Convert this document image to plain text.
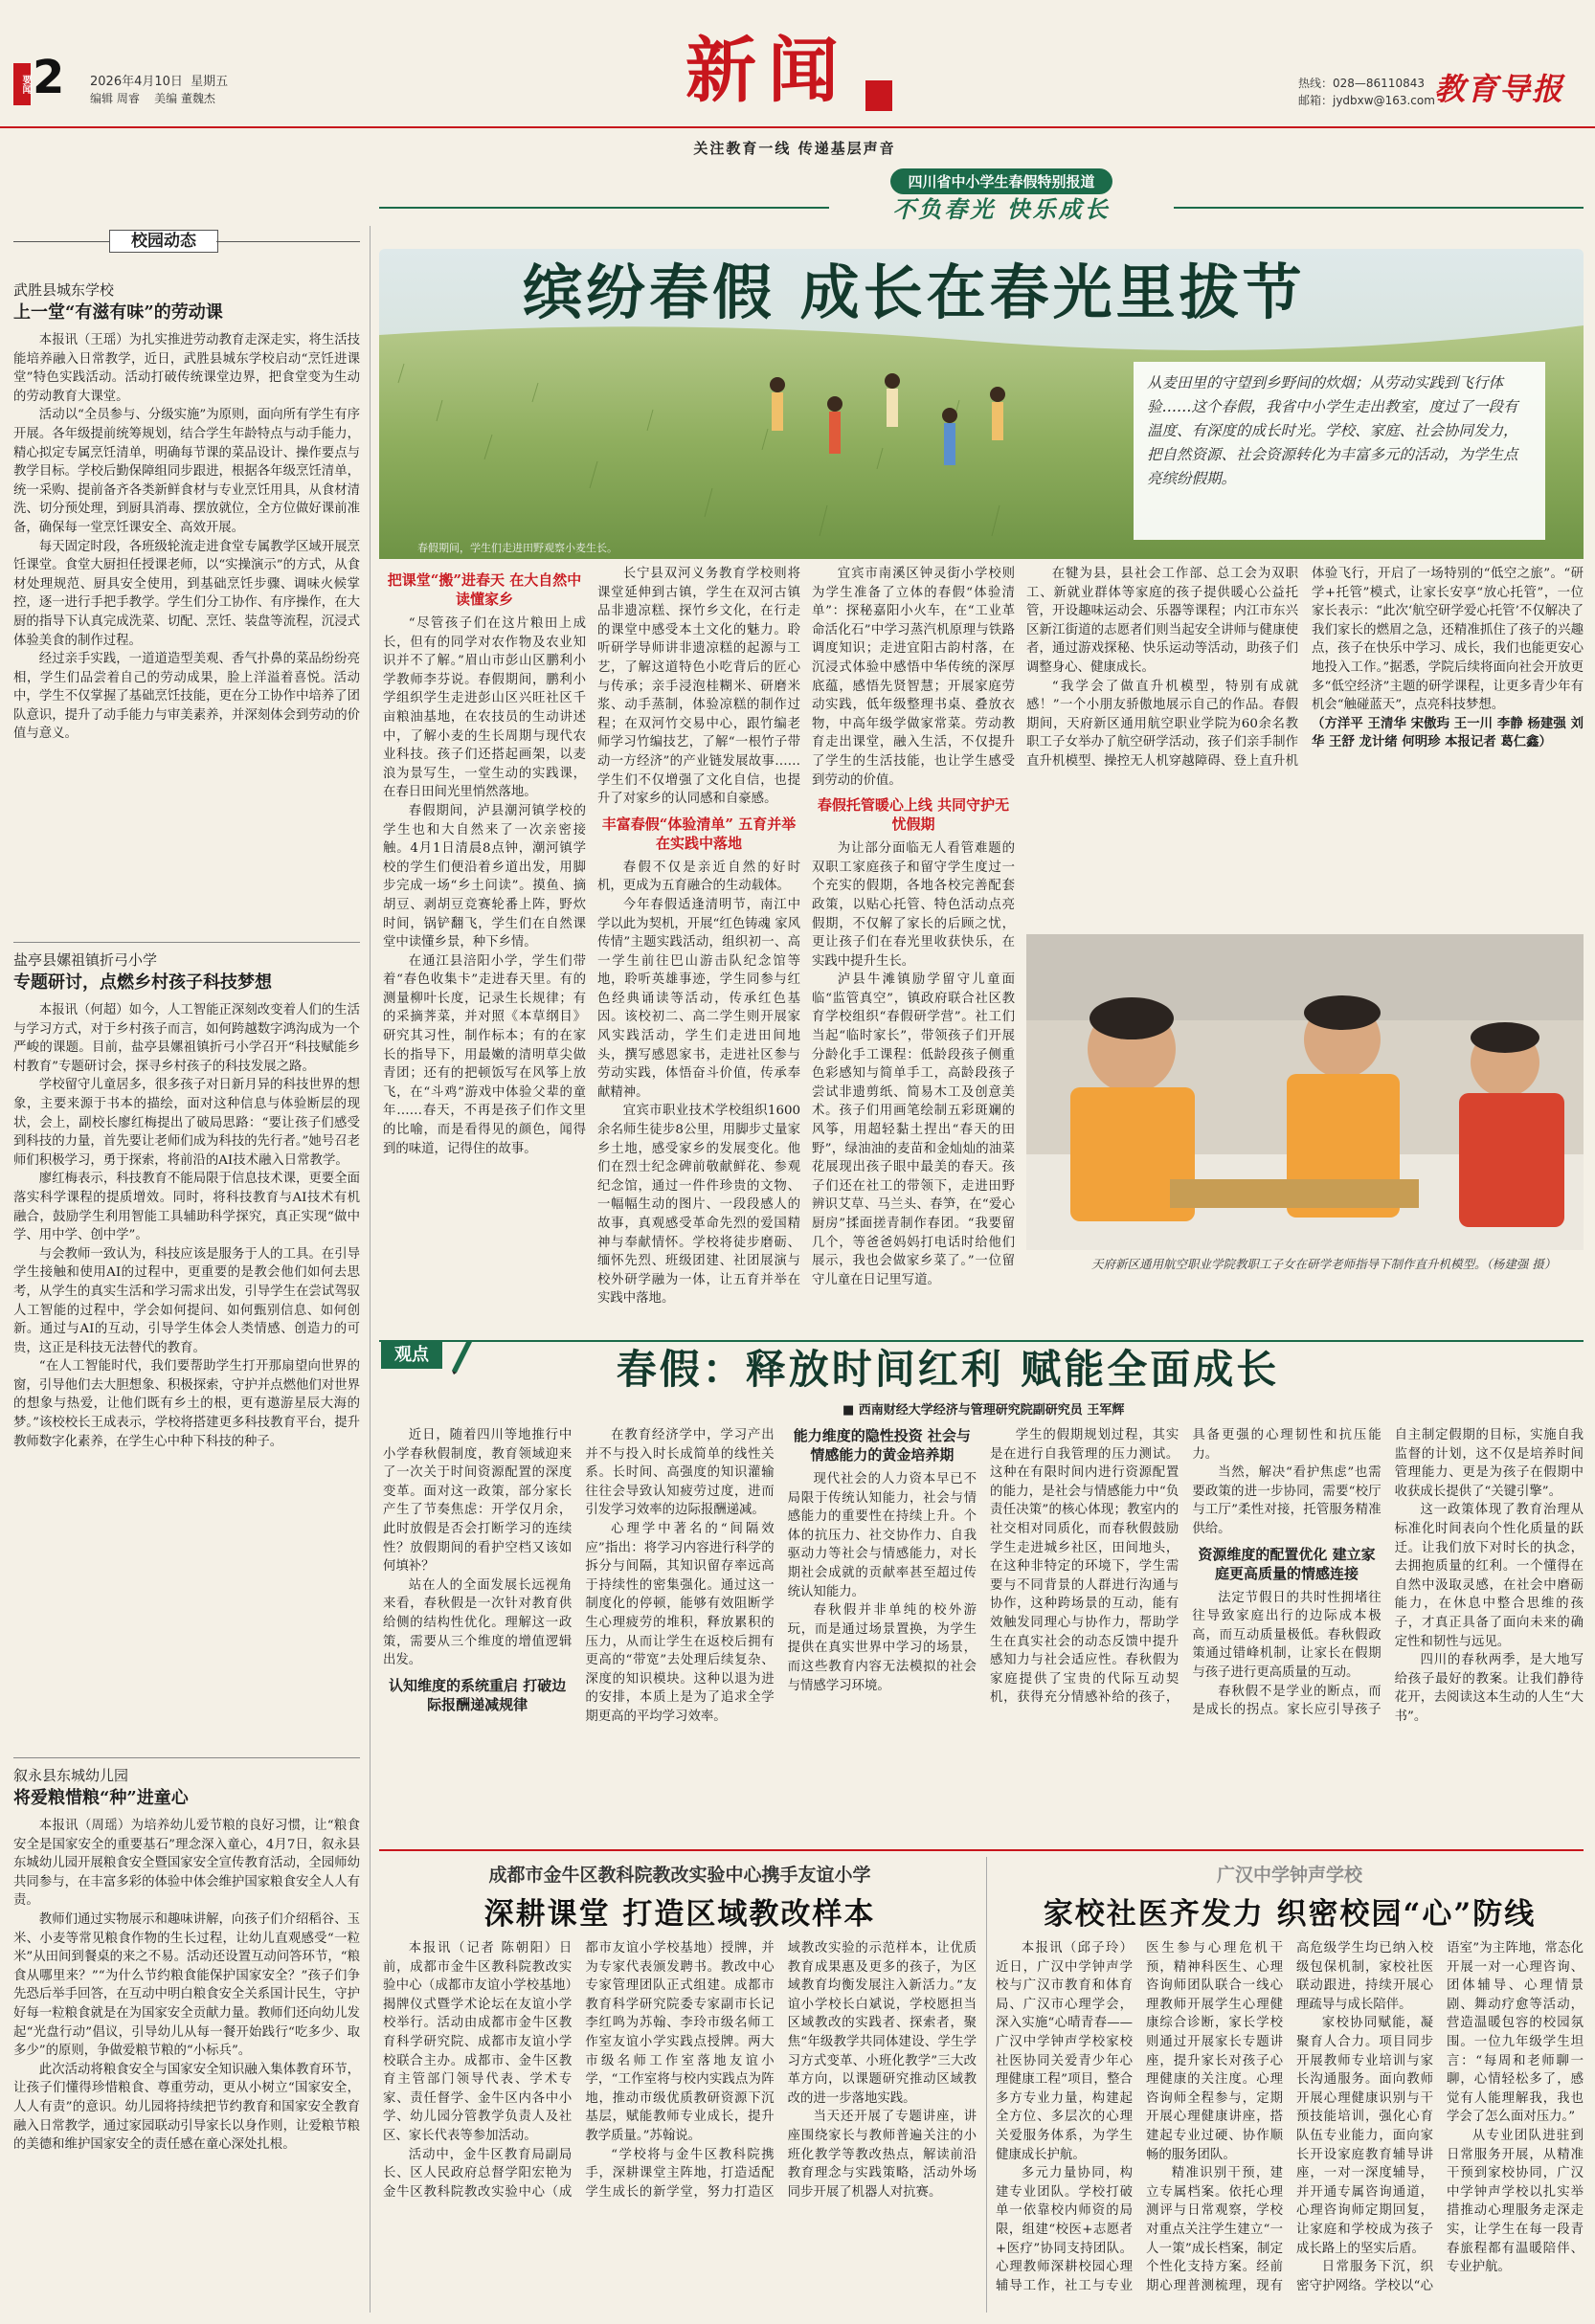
要闻 2 2026年4月10日 星期五
编辑 周睿 美编 董魏杰	新闻
关注教育一线 传递基层声音
热线：028—86110843
邮箱：jydbxw@163.com 教育导报
校园动态
武胜县城东学校
上一堂“有滋有味”的劳动课

本报讯（王瑶）为扎实推进劳动教育走深走实，将生活技能培养融入日常教学，近日，武胜县城东学校启动“烹饪进课堂”特色实践活动。活动打破传统课堂边界，把食堂变为生动的劳动教育大课堂。

活动以“全员参与、分级实施”为原则，面向所有学生有序开展。各年级提前统筹规划，结合学生年龄特点与动手能力，精心拟定专属烹饪清单，明确每节课的菜品设计、操作要点与教学目标。学校后勤保障组同步跟进，根据各年级烹饪清单，统一采购、提前备齐各类新鲜食材与专业烹饪用具，从食材清洗、切分预处理，到厨具消毒、摆放就位，全方位做好课前准备，确保每一堂烹饪课安全、高效开展。

每天固定时段，各班级轮流走进食堂专属教学区域开展烹饪课堂。食堂大厨担任授课老师，以“实操演示”的方式，从食材处理规范、厨具安全使用，到基础烹饪步骤、调味火候掌控，逐一进行手把手教学。学生们分工协作、有序操作，在大厨的指导下认真完成洗菜、切配、烹饪、装盘等流程，沉浸式体验美食的制作过程。

经过亲手实践，一道道造型美观、香气扑鼻的菜品纷纷亮相，学生们品尝着自己的劳动成果，脸上洋溢着喜悦。活动中，学生不仅掌握了基础烹饪技能，更在分工协作中培养了团队意识，提升了动手能力与审美素养，并深刻体会到劳动的价值与意义。

盐亭县嫘祖镇折弓小学
专题研讨，点燃乡村孩子科技梦想

本报讯（何超）如今，人工智能正深刻改变着人们的生活与学习方式，对于乡村孩子而言，如何跨越数字鸿沟成为一个严峻的课题。目前，盐亭县嫘祖镇折弓小学召开“科技赋能乡村教育”专题研讨会，探寻乡村孩子的科技发展之路。

学校留守儿童居多，很多孩子对日新月异的科技世界的想象，主要来源于书本的描绘，面对这种信息与体验断层的现状，会上，副校长廖红梅提出了破局思路：“要让孩子们感受到科技的力量，首先要让老师们成为科技的先行者。”她号召老师们积极学习，勇于探索，将前沿的AI技术融入日常教学。

廖红梅表示，科技教育不能局限于信息技术课，更要全面落实科学课程的提质增效。同时，将科技教育与AI技术有机融合，鼓励学生利用智能工具辅助科学探究，真正实现“做中学、用中学、创中学”。

与会教师一致认为，科技应该是服务于人的工具。在引导学生接触和使用AI的过程中，更重要的是教会他们如何去思考，从学生的真实生活和学习需求出发，引导学生在尝试驾驭人工智能的过程中，学会如何提问、如何甄别信息、如何创新。通过与AI的互动，引导学生体会人类情感、创造力的可贵，这正是科技无法替代的教育。

“在人工智能时代，我们要帮助学生打开那扇望向世界的窗，引导他们去大胆想象、积极探索，守护并点燃他们对世界的想象与热爱，让他们既有乡土的根，更有遨游星辰大海的梦。”该校校长王成表示，学校将搭建更多科技教育平台，提升教师数字化素养，在学生心中种下科技的种子。

叙永县东城幼儿园
将爱粮惜粮“种”进童心

本报讯（周瑶）为培养幼儿爱节粮的良好习惯，让“粮食安全是国家安全的重要基石”理念深入童心，4月7日，叙永县东城幼儿园开展粮食安全暨国家安全宣传教育活动，全园师幼共同参与，在丰富多彩的体验中体会维护国家粮食安全人人有责。

教师们通过实物展示和趣味讲解，向孩子们介绍稻谷、玉米、小麦等常见粮食作物的生长过程，让幼儿直观感受“一粒米”从田间到餐桌的来之不易。活动还设置互动问答环节，“粮食从哪里来？”“为什么节约粮食能保护国家安全？”孩子们争先恐后举手回答，在互动中明白粮食安全关系国计民生，守护好每一粒粮食就是在为国家安全贡献力量。教师们还向幼儿发起“光盘行动”倡议，引导幼儿从每一餐开始践行“吃多少、取多少”的原则，争做爱粮节粮的“小标兵”。

此次活动将粮食安全与国家安全知识融入集体教育环节，让孩子们懂得珍惜粮食、尊重劳动，更从小树立“国家安全，人人有责”的意识。幼儿园将持续把节约教育和国家安全教育融入日常教学，通过家园联动引导家长以身作则，让爱粮节粮的美德和维护国家安全的责任感在童心深处扎根。

四川省中小学生春假特别报道
不负春光 快乐成长
缤纷春假 成长在春光里拔节
从麦田里的守望到乡野间的炊烟；从劳动实践到飞行体验……这个春假，我省中小学生走出教室，度过了一段有温度、有深度的成长时光。学校、家庭、社会协同发力，把自然资源、社会资源转化为丰富多元的活动，为学生点亮缤纷假期。
春假期间，学生们走进田野观察小麦生长。
把课堂“搬”进春天 在大自然中读懂家乡

“尽管孩子们在这片粮田上成长，但有的同学对农作物及农业知识并不了解。”眉山市彭山区鹏利小学教师李芬说。春假期间，鹏利小学组织学生走进彭山区兴旺社区千亩粮油基地，在农技员的生动讲述中，了解小麦的生长周期与现代农业科技。孩子们还搭起画架，以麦浪为景写生，一堂生动的实践课，在春日田间光里悄然落地。

春假期间，泸县潮河镇学校的学生也和大自然来了一次亲密接触。4月1日清晨8点钟，潮河镇学校的学生们便沿着乡道出发，用脚步完成一场“乡土问读”。摸鱼、摘胡豆、剥胡豆竞赛轮番上阵，野炊时间，锅铲翻飞，学生们在自然课堂中读懂乡景，种下乡情。

在通江县涪阳小学，学生们带着“春色收集卡”走进春天里。有的测量柳叶长度，记录生长规律；有的采摘荠菜，并对照《本草纲目》研究其习性，制作标本；有的在家长的指导下，用最嫩的清明草尖做青团；还有的把顿饭写在风筝上放飞，在“斗鸡”游戏中体验父辈的童年……春天，不再是孩子们作文里的比喻，而是看得见的颜色，闻得到的味道，记得住的故事。

长宁县双河义务教育学校则将课堂延伸到古镇，学生在双河古镇品非遗凉糕、探竹乡文化，在行走的课堂中感受本土文化的魅力。聆听研学导师讲非遗凉糕的起源与工艺，了解这道特色小吃背后的匠心与传承；亲手浸泡桂糊米、研磨米浆、动手蒸制，体验凉糕的制作过程；在双河竹交易中心，跟竹编老师学习竹编技艺，了解“一根竹子带动一方经济”的产业链发展故事……学生们不仅增强了文化自信，也提升了对家乡的认同感和自豪感。

丰富春假“体验清单” 五育并举在实践中落地

春假不仅是亲近自然的好时机，更成为五育融合的生动载体。

今年春假适逢清明节，南江中学以此为契机，开展“红色铸魂 家风传情”主题实践活动，组织初一、高一学生前往巴山游击队纪念馆等地，聆听英雄事迹，学生同参与红色经典诵读等活动，传承红色基因。该校初二、高二学生则开展家风实践活动，学生们走进田间地头，撰写感恩家书，走进社区参与劳动实践，体悟奋斗价值，传承奉献精神。

宜宾市职业技术学校组织1600余名师生徒步8公里，用脚步丈量家乡土地，感受家乡的发展变化。他们在烈士纪念碑前敬献鲜花、参观纪念馆，通过一件件珍贵的文物、一幅幅生动的图片、一段段感人的故事，真观感受革命先烈的爱国精神与奉献情怀。学校将徒步磨砺、缅怀先烈、班级团建、社团展演与校外研学融为一体，让五育并举在实践中落地。

宜宾市南溪区钟灵街小学校则为学生准备了立体的春假“体验清单”：探秘嘉阳小火车，在“工业革命活化石”中学习蒸汽机原理与铁路调度知识；走进宜阳古韵村落，在沉浸式体验中感悟中华传统的深厚底蕴，感悟先贤智慧；开展家庭劳动实践，低年级整理书桌、叠放衣物，中高年级学做家常菜。劳动教育走出课堂，融入生活，不仅提升了学生的生活技能，也让学生感受到劳动的价值。

春假托管暖心上线 共同守护无忧假期

为让部分面临无人看管难题的双职工家庭孩子和留守学生度过一个充实的假期，各地各校完善配套政策，以贴心托管、特色活动点亮假期，不仅解了家长的后顾之忧，更让孩子们在春光里收获快乐，在实践中提升生长。

泸县牛滩镇励学留守儿童面临“监管真空”，镇政府联合社区教育学校组织“春假研学营”。社工们当起“临时家长”，带领孩子们开展分龄化手工课程：低龄段孩子侧重色彩感知与简单手工，高龄段孩子尝试非遗剪纸、简易木工及创意美术。孩子们用画笔绘制五彩斑斓的风筝，用超轻黏土捏出“春天的田野”，绿油油的麦苗和金灿灿的油菜花展现出孩子眼中最美的春天。孩子们还在社工的带领下，走进田野辨识艾草、马兰头、春笋，在“爱心厨房”揉面搓青制作春团。“我要留几个，等爸爸妈妈打电话时给他们展示，我也会做家乡菜了。”一位留守儿童在日记里写道。

在犍为县，县社会工作部、总工会为双职工、新就业群体等家庭的孩子提供暖心公益托管，开设趣味运动会、乐器等课程；内江市东兴区新江街道的志愿者们则当起安全讲师与健康使者，通过游戏探秘、快乐运动等活动，助孩子们调整身心、健康成长。

“我学会了做直升机模型，特别有成就感！”一个小朋友骄傲地展示自己的作品。春假期间，天府新区通用航空职业学院为60余名教职工子女举办了航空研学活动，孩子们亲手制作直升机模型、操控无人机穿越障碍、登上直升机体验飞行，开启了一场特别的“低空之旅”。“研学+托管”模式，让家长安享“放心托管”，一位家长表示：“此次‘航空研学爱心托管’不仅解决了我们家长的燃眉之急，还精准抓住了孩子的兴趣点，孩子在快乐中学习、成长，我们也能更安心地投入工作。”据悉，学院后续将面向社会开放更多“低空经济”主题的研学课程，让更多青少年有机会“触碰蓝天”，点亮科技梦想。

（方洋平 王清华 宋傲玙 王一川 李静 杨建强 刘华 王舒 龙计绪 何明珍 本报记者 葛仁鑫）

天府新区通用航空职业学院教职工子女在研学老师指导下制作直升机模型。（杨建强 摄）
观点	春假：释放时间红利 赋能全面成长
■ 西南财经大学经济与管理研究院副研究员 王军辉

近日，随着四川等地推行中小学春秋假制度，教育领域迎来了一次关于时间资源配置的深度变革。面对这一政策，部分家长产生了节奏焦虑：开学仅月余，此时放假是否会打断学习的连续性？放假期间的看护空档又该如何填补？

站在人的全面发展长远视角来看，春秋假是一次针对教育供给侧的结构性优化。理解这一政策，需要从三个维度的增值逻辑出发。

认知维度的系统重启 打破边际报酬递减规律

在教育经济学中，学习产出并不与投入时长成简单的线性关系。长时间、高强度的知识灌输往往会导致认知疲劳过度，进而引发学习效率的边际报酬递减。

心理学中著名的“间隔效应”指出：将学习内容进行科学的拆分与间隔，其知识留存率远高于持续性的密集强化。通过这一制度化的停顿，能够有效阻断学生心理疲劳的堆积，释放累积的压力，从而让学生在返校后拥有更高的“带宽”去处理后续复杂、深度的知识模块。这种以退为进的安排，本质上是为了追求全学期更高的平均学习效率。

能力维度的隐性投资 社会与情感能力的黄金培养期

现代社会的人力资本早已不局限于传统认知能力，社会与情感能力的重要性在持续上升。个体的抗压力、社交协作力、自我驱动力等社会与情感能力，对长期社会成就的贡献率甚至超过传统认知能力。

春秋假并非单纯的校外游玩，而是通过场景置换，为学生提供在真实世界中学习的场景，而这些教育内容无法模拟的社会与情感学习环境。

学生的假期规划过程，其实是在进行自我管理的压力测试。这种在有限时间内进行资源配置的能力，是社会与情感能力中“负责任决策”的核心体现；教室内的社交相对同质化，而春秋假鼓励学生走进城乡社区，田间地头，在这种非特定的环境下，学生需要与不同背景的人群进行沟通与协作，这种跨场景的互动，能有效触发同理心与协作力，帮助学生在真实社会的动态反馈中提升感知力与社会适应性。春秋假为家庭提供了宝贵的代际互动契机，获得充分情感补给的孩子，具备更强的心理韧性和抗压能力。

当然，解决“看护焦虑”也需要政策的进一步协同，需要“校厅与工厅”柔性对接，托管服务精准供给。

资源维度的配置优化 建立家庭更高质量的情感连接

法定节假日的共时性拥堵往往导致家庭出行的边际成本极高，而互动质量极低。春秋假政策通过错峰机制，让家长在假期与孩子进行更高质量的互动。

春秋假不是学业的断点，而是成长的拐点。家长应引导孩子自主制定假期的目标，实施自我监督的计划，这不仅是培养时间管理能力、更是为孩子在假期中收获成长提供了“关键引擎”。

这一政策体现了教育治理从标准化时间表向个性化质量的跃迁。让我们放下对时长的执念，去拥抱质量的红利。一个懂得在自然中汲取灵感，在社会中磨砺能力，在休息中整合思维的孩子，才真正具备了面向未来的确定性和韧性与远见。

四川的春秋两季，是大地写给孩子最好的教案。让我们静待花开，去阅读这本生动的人生“大书”。

成都市金牛区教科院教改实验中心携手友谊小学
深耕课堂 打造区域教改样本

本报讯（记者 陈朝阳）日前，成都市金牛区教科院教改实验中心（成都市友谊小学校基地）揭牌仪式暨学术论坛在友谊小学校举行。活动由成都市金牛区教育科学研究院、成都市友谊小学校联合主办。成都市、金牛区教育主管部门领导代表、学术专家、责任督学、金牛区内各中小学、幼儿园分管教学负责人及社区、家长代表等参加活动。

活动中，金牛区教育局副局长、区人民政府总督学阳宏艳为金牛区教科院教改实验中心（成都市友谊小学校基地）授牌，并为专家代表颁发聘书。教改中心专家管理团队正式组建。成都市教育科学研究院委专家副市长记李红鸣为苏翰、李玲市级名师工作室友谊小学实践点授牌。两大市级名师工作室落地友谊小学，“工作室将与校内实践点为阵地，推动市级优质教研资源下沉基层，赋能教师专业成长，提升教学质量。”苏翰说。

“学校将与金牛区教科院携手，深耕课堂主阵地，打造适配学生成长的新学堂，努力打造区域教改实验的示范样本，让优质教育成果惠及更多的孩子，为区域教育均衡发展注入新活力。”友谊小学校长白斌说，学校愿担当区域教改的实践者、探索者，聚焦“年级教学共同体建设、学生学习方式变革、小班化教学”三大改革方向，以课题研究推动区域教改的进一步落地实践。

当天还开展了专题讲座，讲座围绕家长与教师普遍关注的小班化教学等教改热点，解读前沿教育理念与实践策略，活动外场同步开展了机器人对抗赛。

广汉中学钟声学校
家校社医齐发力 织密校园“心”防线

本报讯（邱子玲）近日，广汉中学钟声学校与广汉市教育和体育局、广汉市心理学会，深入实施“心晴青春——广汉中学钟声学校家校社医协同关爱青少年心理健康工程”项目，整合多方专业力量，构建起全方位、多层次的心理关爱服务体系，为学生健康成长护航。

多元力量协同，构建专业团队。学校打破单一依靠校内师资的局限，组建“校医+志愿者+医疗”协同支持团队。心理教师深耕校园心理辅导工作，社工与专业医生参与心理危机干预，精神科医生、心理咨询师团队联合一线心理教师开展学生心理健康综合诊断，家长学校则通过开展家长专题讲座，提升家长对孩子心理健康的关注度。心理咨询师全程参与，定期开展心理健康讲座，搭建起专业过硬、协作顺畅的服务团队。

精准识别干预，建立专属档案。依托心理测评与日常观察，学校对重点关注学生建立“一人一策”成长档案，制定个性化支持方案。经前期心理普测梳理，现有高危级学生均已纳入校级包保机制，家校社医联动跟进，持续开展心理疏导与成长陪伴。

家校协同赋能，凝聚育人合力。项目同步开展教师专业培训与家长沟通服务。面向教师开展心理健康识别与干预技能培训，强化心育队伍专业能力，面向家长开设家庭教育辅导讲座，一对一深度辅导，并开通专属咨询通道，心理咨询师定期回复，让家庭和学校成为孩子成长路上的坚实后盾。

日常服务下沉，织密守护网络。学校以“心语室”为主阵地，常态化开展一对一心理咨询、团体辅导、心理情景剧、舞动疗愈等活动，营造温暖包容的校园氛围。一位九年级学生坦言：“每周和老师聊一聊，心情轻松多了，感觉有人能理解我，我也学会了怎么面对压力。”

从专业团队进驻到日常服务开展，从精准干预到家校协同，广汉中学钟声学校以扎实举措推动心理服务走深走实，让学生在每一段青春旅程都有温暖陪伴、专业护航。
